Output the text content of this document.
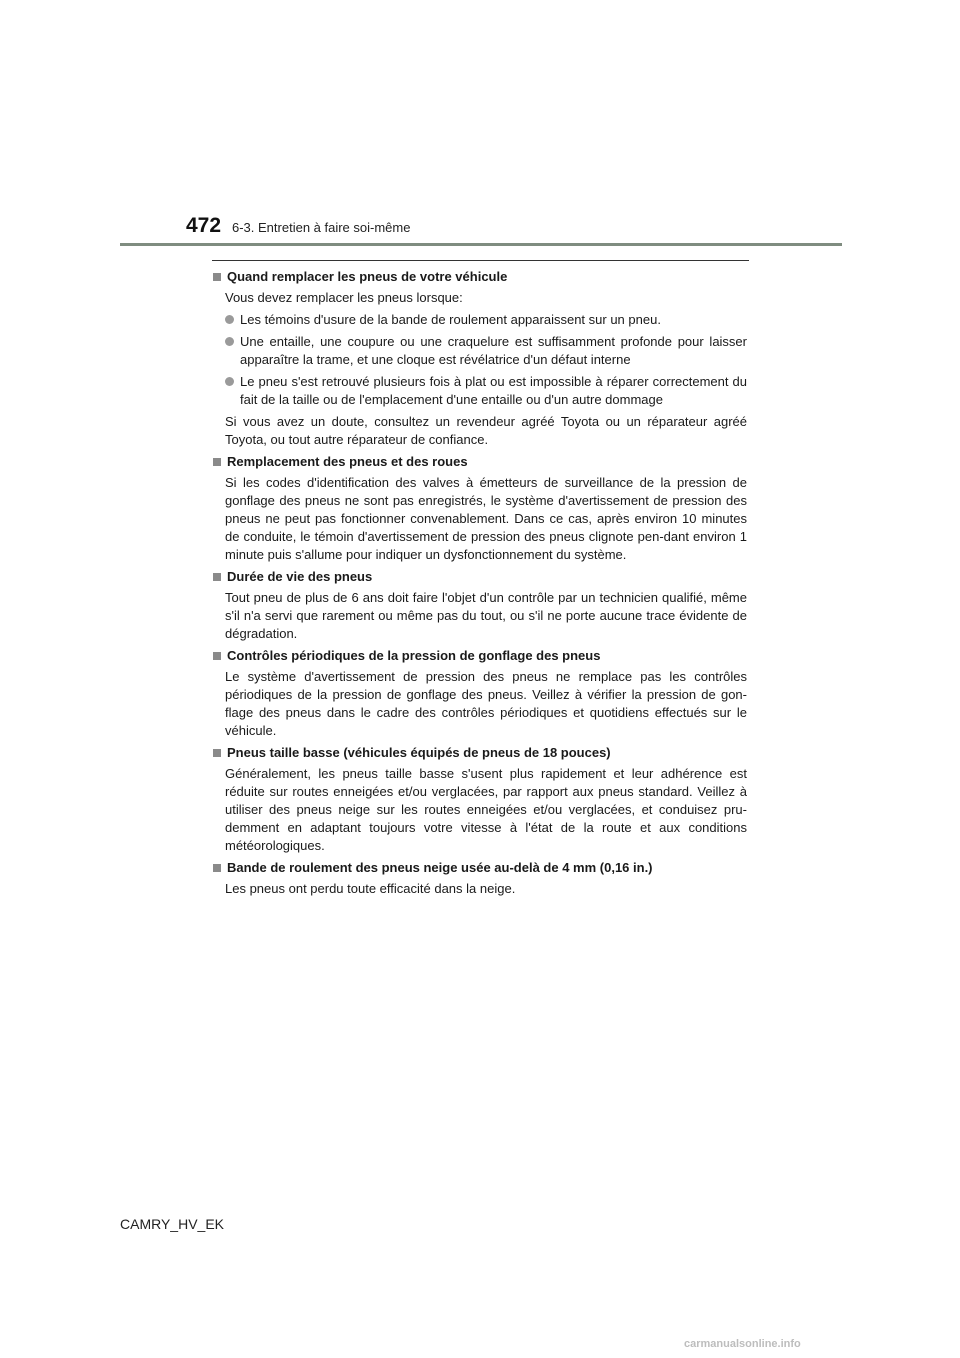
472 6-3. Entretien à faire soi-même
Quand remplacer les pneus de votre véhicule

Vous devez remplacer les pneus lorsque:

Les témoins d'usure de la bande de roulement apparaissent sur un pneu.
Une entaille, une coupure ou une craquelure est suffisamment profonde pour laisser apparaître la trame, et une cloque est révélatrice d'un défaut interne
Le pneu s'est retrouvé plusieurs fois à plat ou est impossible à réparer correctement du fait de la taille ou de l'emplacement d'une entaille ou d'un autre dommage

Si vous avez un doute, consultez un revendeur agréé Toyota ou un réparateur agréé Toyota, ou tout autre réparateur de confiance.

Remplacement des pneus et des roues

Si les codes d'identification des valves à émetteurs de surveillance de la pression de gonflage des pneus ne sont pas enregistrés, le système d'avertissement de pression des pneus ne peut pas fonctionner convenablement. Dans ce cas, après environ 10 minutes de conduite, le témoin d'avertissement de pression des pneus clignote pen-dant environ 1 minute puis s'allume pour indiquer un dysfonctionnement du système.

Durée de vie des pneus

Tout pneu de plus de 6 ans doit faire l'objet d'un contrôle par un technicien qualifié, même s'il n'a servi que rarement ou même pas du tout, ou s'il ne porte aucune trace évidente de dégradation.

Contrôles périodiques de la pression de gonflage des pneus

Le système d'avertissement de pression des pneus ne remplace pas les contrôles périodiques de la pression de gonflage des pneus. Veillez à vérifier la pression de gon-flage des pneus dans le cadre des contrôles périodiques et quotidiens effectués sur le véhicule.

Pneus taille basse (véhicules équipés de pneus de 18 pouces)

Généralement, les pneus taille basse s'usent plus rapidement et leur adhérence est réduite sur routes enneigées et/ou verglacées, par rapport aux pneus standard. Veillez à utiliser des pneus neige sur les routes enneigées et/ou verglacées, et conduisez pru-demment en adaptant toujours votre vitesse à l'état de la route et aux conditions météorologiques.

Bande de roulement des pneus neige usée au-delà de 4 mm (0,16 in.)

Les pneus ont perdu toute efficacité dans la neige.

CAMRY_HV_EK
carmanualsonline.info
